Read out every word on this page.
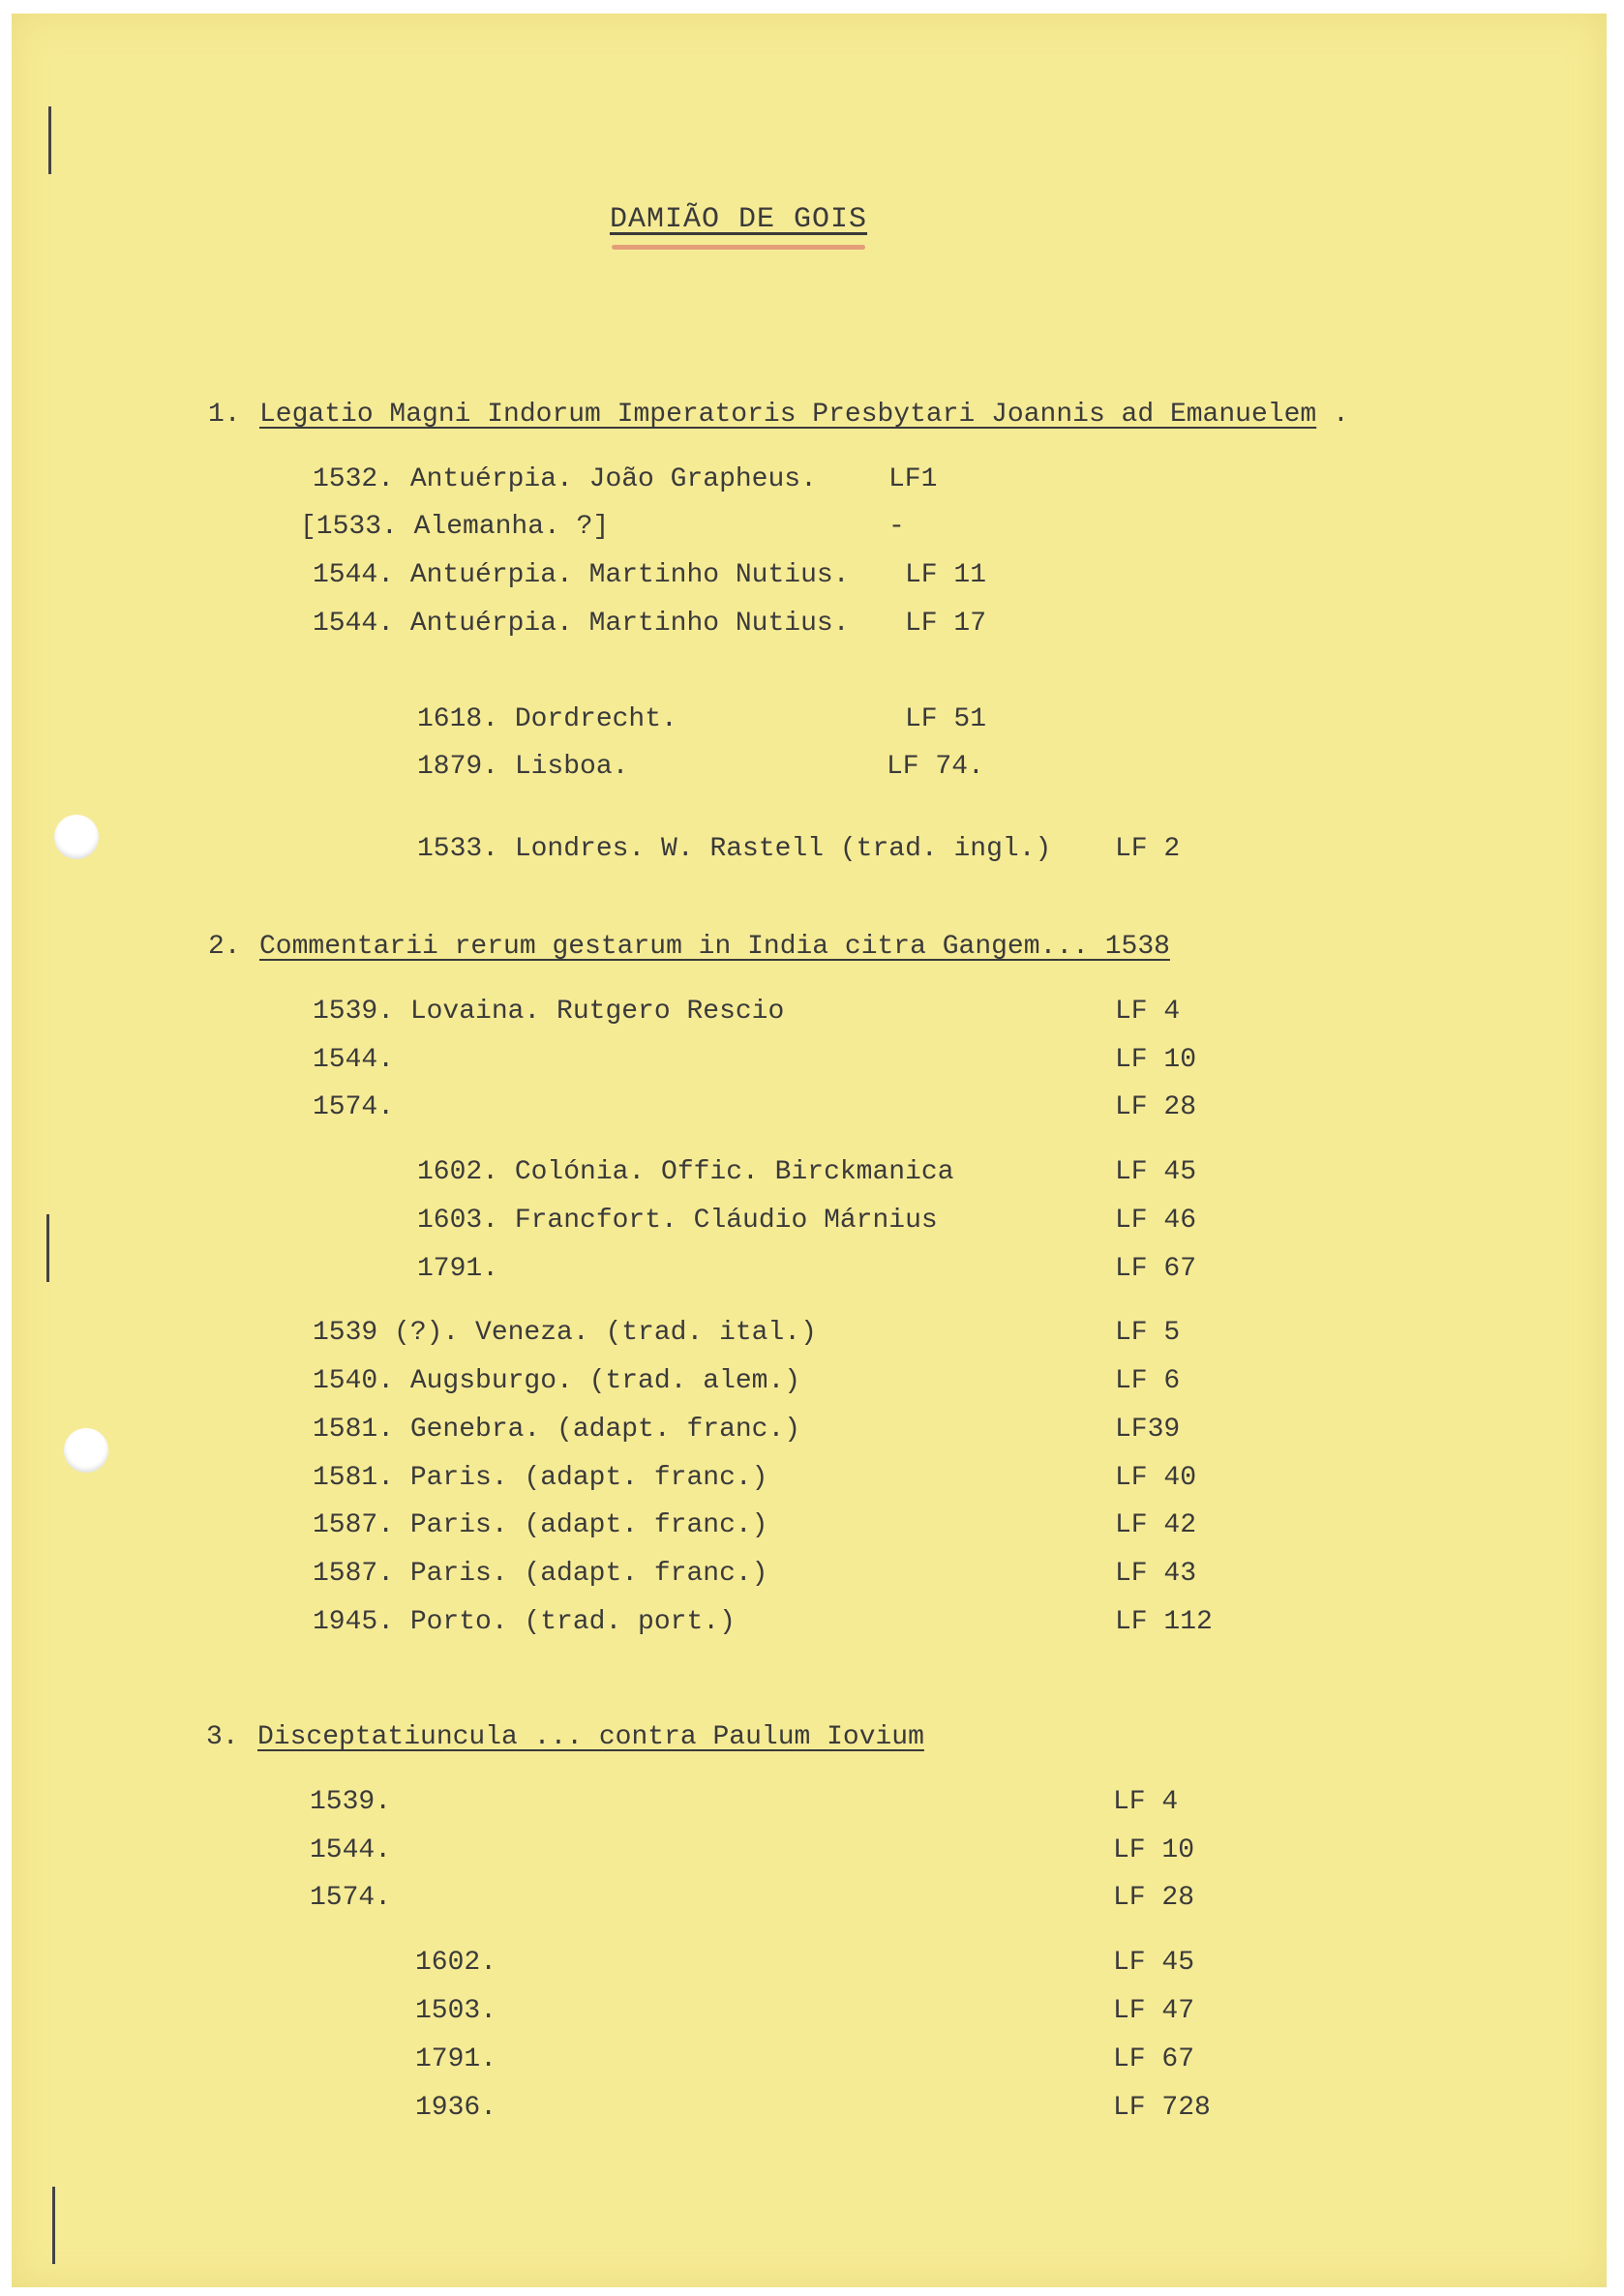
DAMIÃO DE GOIS
1. Legatio Magni Indorum Imperatoris Presbytari Joannis ad Emanuelem .
1532. Antuérpia. João Grapheus.	LF1
[1533. Alemanha. ?]	-
1544. Antuérpia. Martinho Nutius. LF 11
1544. Antuérpia. Martinho Nutius. LF 17
1618. Dordrecht.	LF 51
1879. Lisboa.	LF 74.
1533. Londres. W. Rastell (trad. ingl.) LF 2
2. Commentarii rerum gestarum in India citra Gangem... 1538
1539. Lovaina. Rutgero Rescio	LF 4
1544.	LF 10
1574.	LF 28
1602. Colónia. Offic. Birckmanica	LF 45
1603. Francfort. Cláudio Márnius	LF 46
1791.	LF 67
1539 (?). Veneza. (trad. ital.)	LF 5
1540. Augsburgo. (trad. alem.)	LF 6
1581. Genebra. (adapt. franc.)	LF39
1581. Paris. (adapt. franc.)	LF 40
1587. Paris. (adapt. franc.)	LF 42
1587. Paris. (adapt. franc.)	LF 43
1945. Porto. (trad. port.)	LF 112
3. Disceptatiuncula ... contra Paulum Iovium
1539.	LF 4
1544.	LF 10
1574.	LF 28
1602.	LF 45
1503.	LF 47
1791.	LF 67
1936.	LF 728
